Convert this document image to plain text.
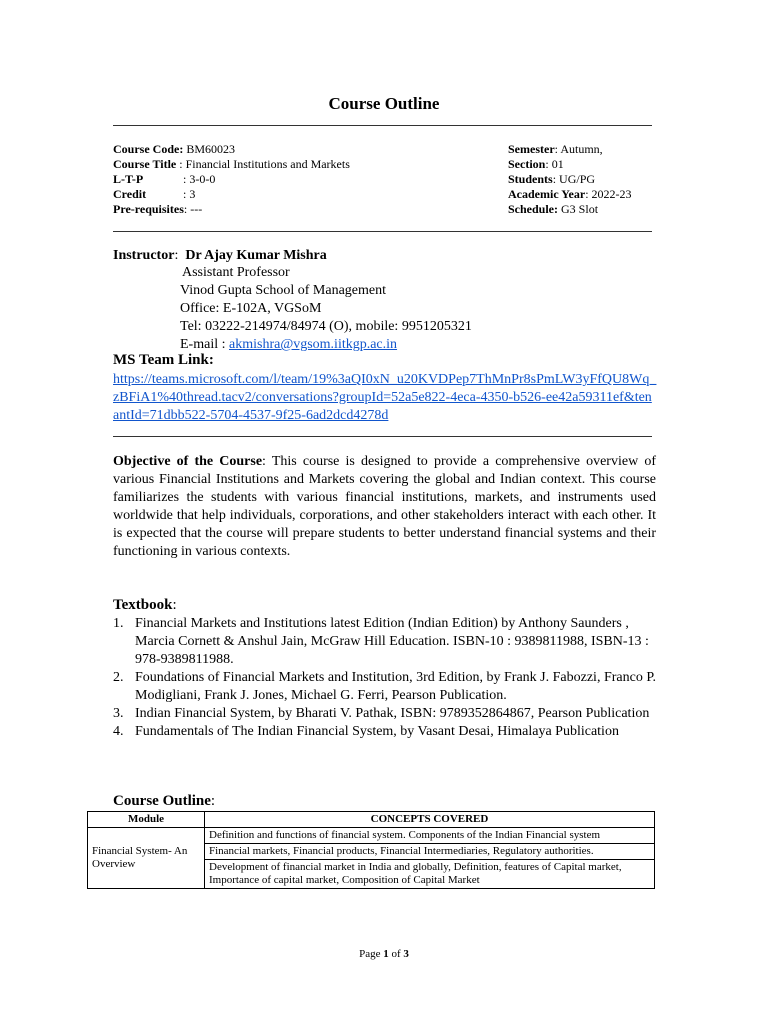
Course Outline
Course Code: BM60023
Course Title : Financial Institutions and Markets
L-T-P	: 3-0-0
Credit	: 3
Pre-requisites: ---
Semester: Autumn,
Section: 01
Students: UG/PG
Academic Year: 2022-23
Schedule: G3 Slot
Instructor:  Dr Ajay Kumar Mishra
Assistant Professor
Vinod Gupta School of Management
Office: E-102A, VGSoM
Tel: 03222-214974/84974 (O), mobile: 9951205321
E-mail : akmishra@vgsom.iitkgp.ac.in
MS Team Link:
https://teams.microsoft.com/l/team/19%3aQI0xN_u20KVDPep7ThMnPr8sPmLW3yFfQU8Wq_zBFiA1%40thread.tacv2/conversations?groupId=52a5e822-4eca-4350-b526-ee42a59311ef&tenantId=71dbb522-5704-4537-9f25-6ad2dcd4278d
Objective of the Course: This course is designed to provide a comprehensive overview of various Financial Institutions and Markets covering the global and Indian context. This course familiarizes the students with various financial institutions, markets, and instruments used worldwide that help individuals, corporations, and other stakeholders interact with each other. It is expected that the course will prepare students to better understand financial systems and their functioning in various contexts.
Textbook:
1. Financial Markets and Institutions latest Edition (Indian Edition) by Anthony Saunders , Marcia Cornett & Anshul Jain, McGraw Hill Education. ISBN-10 : 9389811988, ISBN-13 : 978-9389811988.
2. Foundations of Financial Markets and Institution, 3rd Edition, by Frank J. Fabozzi, Franco P. Modigliani, Frank J. Jones, Michael G. Ferri, Pearson Publication.
3. Indian Financial System, by Bharati V. Pathak, ISBN: 9789352864867, Pearson Publication
4. Fundamentals of The Indian Financial System, by Vasant Desai, Himalaya Publication
Course Outline:
Module	CONCEPTS COVERED
Financial System- An Overview	Definition and functions of financial system. Components of the Indian Financial system
	Financial markets, Financial products, Financial Intermediaries, Regulatory authorities.
	Development of financial market in India and globally, Definition, features of Capital market, Importance of capital market, Composition of Capital Market
Page 1 of 3
